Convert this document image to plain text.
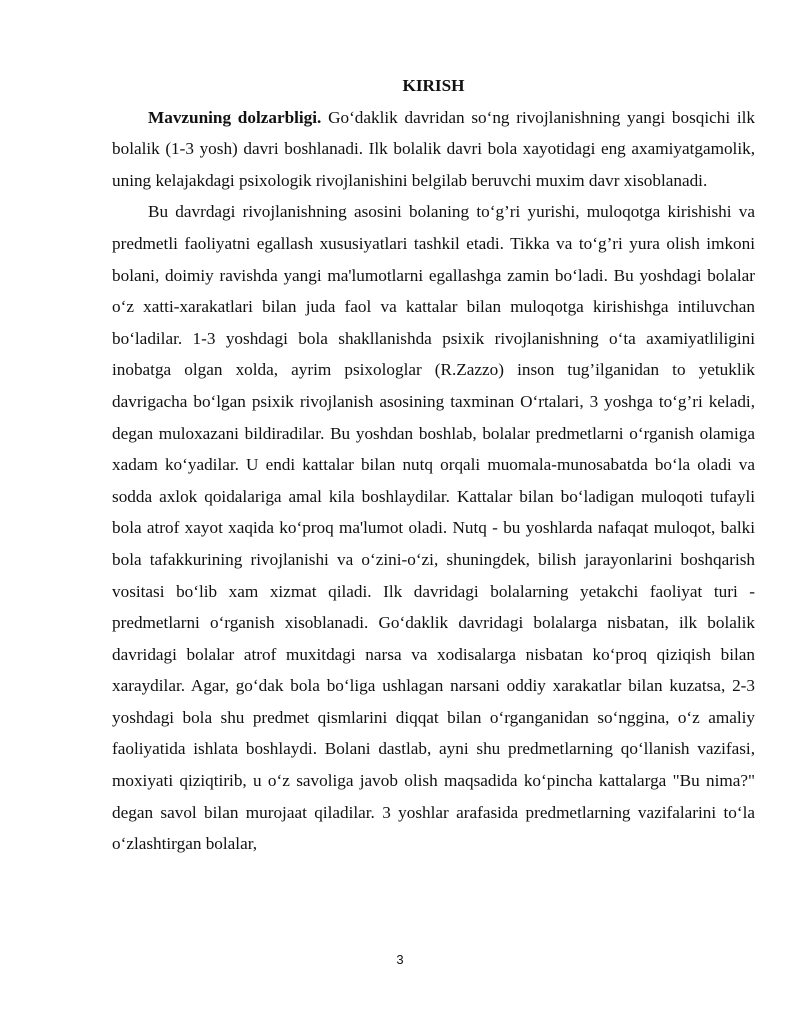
KIRISH

Mavzuning dolzarbligi. Go‘daklik davridan so‘ng rivojlanishning yangi bosqichi ilk bolalik (1-3 yosh) davri boshlanadi. Ilk bolalik davri bola xayotidagi eng axamiyatgamolik, uning kelajakdagi psixologik rivojlanishini belgilab beruvchi muxim davr xisoblanadi.

Bu davrdagi rivojlanishning asosini bolaning to‘g’ri yurishi, muloqotga kirishishi va predmetli faoliyatni egallash xususiyatlari tashkil etadi. Tikka va to‘g’ri yura olish imkoni bolani, doimiy ravishda yangi ma'lumotlarni egallashga zamin bo‘ladi. Bu yoshdagi bolalar o‘z xatti-xarakatlari bilan juda faol va kattalar bilan muloqotga kirishishga intiluvchan bo‘ladilar. 1-3 yoshdagi bola shakllanishda psixik rivojlanishning o‘ta axamiyatliligini inobatga olgan xolda, ayrim psixologlar (R.Zazzo) inson tug’ilganidan to yetuklik davrigacha bo‘lgan psixik rivojlanish asosining taxminan O‘rtalari, 3 yoshga to‘g’ri keladi, degan muloxazani bildiradilar. Bu yoshdan boshlab, bolalar predmetlarni o‘rganish olamiga xadam ko‘yadilar. U endi kattalar bilan nutq orqali muomala-munosabatda bo‘la oladi va sodda axlok qoidalariga amal kila boshlaydilar. Kattalar bilan bo‘ladigan muloqoti tufayli bola atrof xayot xaqida ko‘proq ma'lumot oladi. Nutq - bu yoshlarda nafaqat muloqot, balki bola tafakkurining rivojlanishi va o‘zini-o‘zi, shuningdek, bilish jarayonlarini boshqarish vositasi bo‘lib xam xizmat qiladi. Ilk davridagi bolalarning yetakchi faoliyat turi - predmetlarni o‘rganish xisoblanadi. Go‘daklik davridagi bolalarga nisbatan, ilk bolalik davridagi bolalar atrof muxitdagi narsa va xodisalarga nisbatan ko‘proq qiziqish bilan xaraydilar. Agar, go‘dak bola bo‘liga ushlagan narsani oddiy xarakatlar bilan kuzatsa, 2-3 yoshdagi bola shu predmet qismlarini diqqat bilan o‘rganganidan so‘nggina, o‘z amaliy faoliyatida ishlata boshlaydi. Bolani dastlab, ayni shu predmetlarning qo‘llanish vazifasi, moxiyati qiziqtirib, u o‘z savoliga javob olish maqsadida ko‘pincha kattalarga "Bu nima?" degan savol bilan murojaat qiladilar. 3 yoshlar arafasida predmetlarning vazifalarini to‘la o‘zlashtirgan bolalar,

3
